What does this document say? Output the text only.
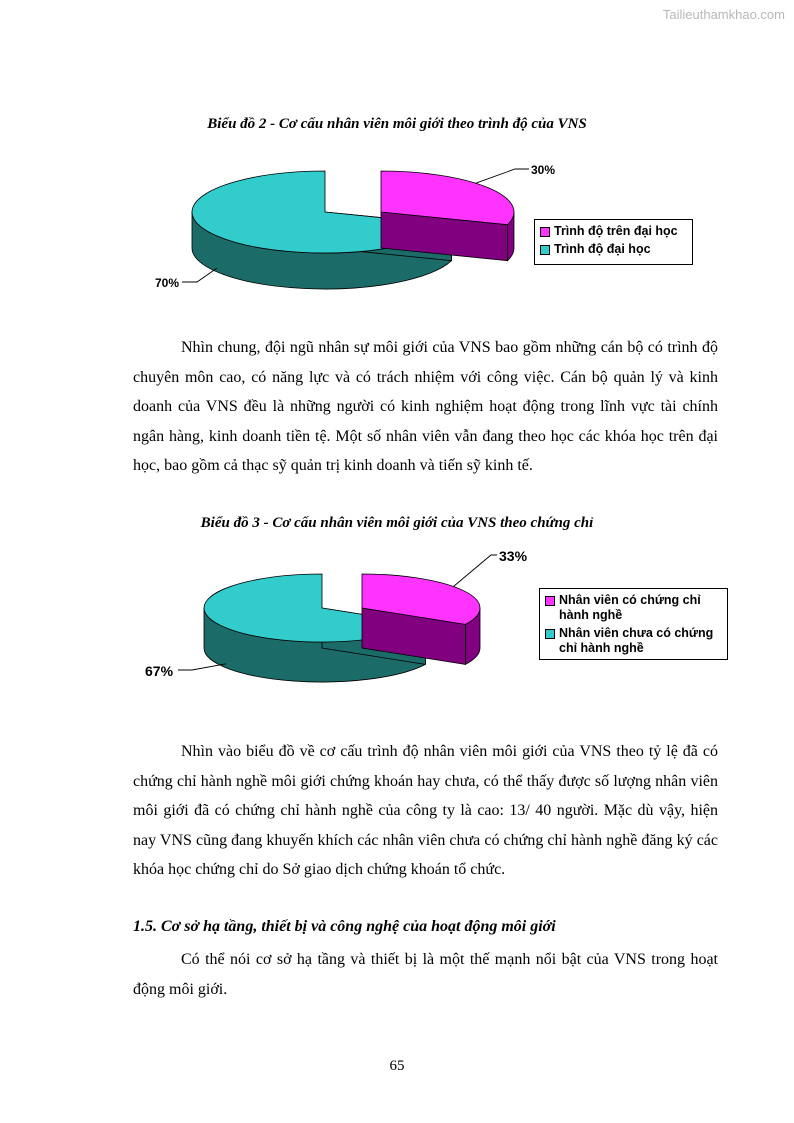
Tailieuthamkhao.com
Biểu đồ 2 - Cơ cấu nhân viên môi giới theo trình độ của VNS
30%
70%
Trình độ trên đại học
Trình độ đại học
Nhìn chung, đội ngũ nhân sự môi giới của VNS bao gồm những cán bộ có trình độ chuyên môn cao, có năng lực và có trách nhiệm với công việc. Cán bộ quản lý và kinh doanh của VNS đều là những người có kinh nghiệm hoạt động trong lĩnh vực tài chính ngân hàng, kinh doanh tiền tệ. Một số nhân viên vẫn đang theo học các khóa học trên đại học, bao gồm cả thạc sỹ quản trị kinh doanh và tiến sỹ kinh tế.
Biểu đồ 3 - Cơ cấu nhân viên môi giới của VNS theo chứng chỉ
33%
67%
Nhân viên có chứng chỉ hành nghề
Nhân viên chưa có chứng chỉ hành nghề
Nhìn vào biểu đồ về cơ cấu trình độ nhân viên môi giới của VNS theo tỷ lệ đã có chứng chỉ hành nghề môi giới chứng khoán hay chưa, có thể thấy được số lượng nhân viên môi giới đã có chứng chỉ hành nghề của công ty là cao: 13/ 40 người. Mặc dù vậy, hiện nay VNS cũng đang khuyến khích các nhân viên chưa có chứng chỉ hành nghề đăng ký các khóa học chứng chỉ do Sở giao dịch chứng khoán tổ chức.
1.5. Cơ sở hạ tầng, thiết bị và công nghệ của hoạt động môi giới
Có thể nói cơ sở hạ tầng và thiết bị là một thế mạnh nổi bật của VNS trong hoạt động môi giới.
65
